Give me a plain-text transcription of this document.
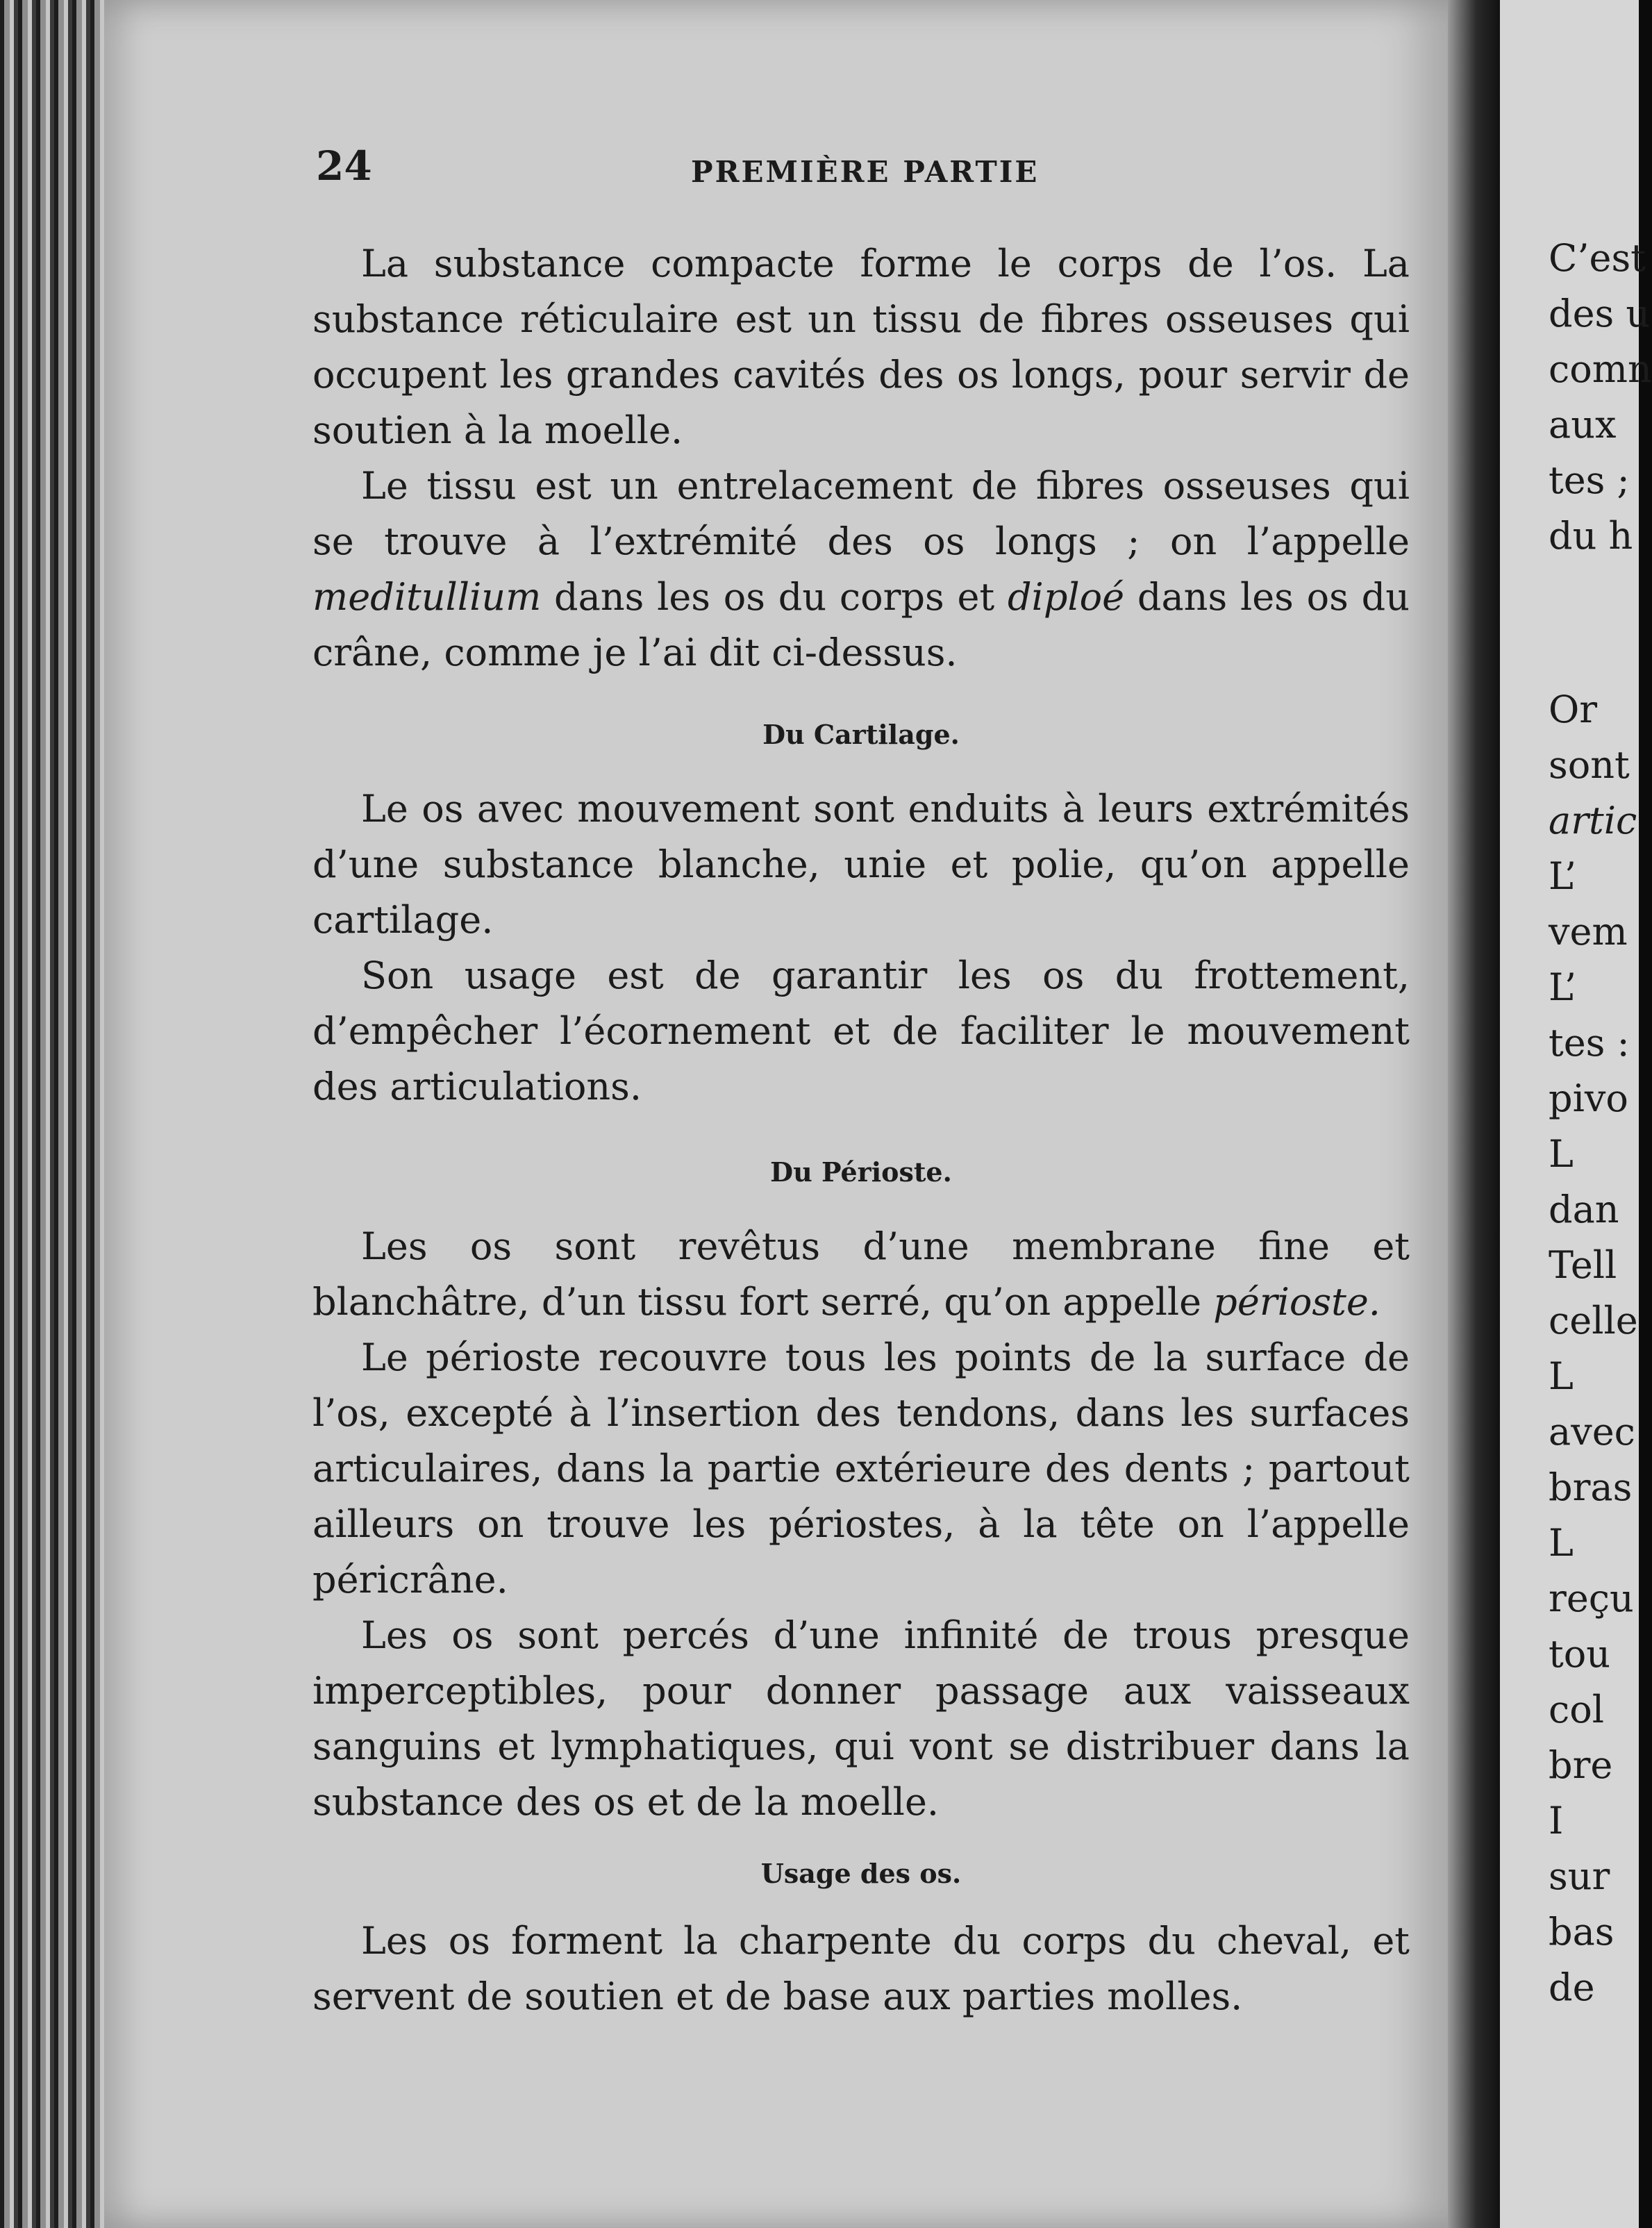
24	PREMIÈRE PARTIE

La substance compacte forme le corps de l’os. La substance réticulaire est un tissu de fibres osseuses qui occupent les grandes cavités des os longs, pour servir de soutien à la moelle.

Le tissu est un entrelacement de fibres osseuses qui se trouve à l’extrémité des os longs ; on l’appelle meditullium dans les os du corps et diploé dans les os du crâne, comme je l’ai dit ci-dessus.

Du Cartilage.

Le os avec mouvement sont enduits à leurs extrémités d’une substance blanche, unie et polie, qu’on appelle cartilage.

Son usage est de garantir les os du frottement, d’empêcher l’écornement et de faciliter le mouvement des articulations.

Du Périoste.

Les os sont revêtus d’une membrane fine et blanchâtre, d’un tissu fort serré, qu’on appelle périoste.

Le périoste recouvre tous les points de la surface de l’os, excepté à l’insertion des tendons, dans les surfaces articulaires, dans la partie extérieure des dents ; partout ailleurs on trouve les périostes, à la tête on l’appelle péricrâne.

Les os sont percés d’une infinité de trous presque imperceptibles, pour donner passage aux vaisseaux sanguins et lymphatiques, qui vont se distribuer dans la substance des os et de la moelle.

Usage des os.

Les os forment la charpente du corps du cheval, et servent de soutien et de base aux parties molles.

C’est
des u
comn
aux
tes ;
du h
Or
sont
artic
L’
vem
L’
tes :
pivo
L
dan
Tell
celle
L
avec
bras
L
reçu
tou
col
bre
I
sur
bas
de
